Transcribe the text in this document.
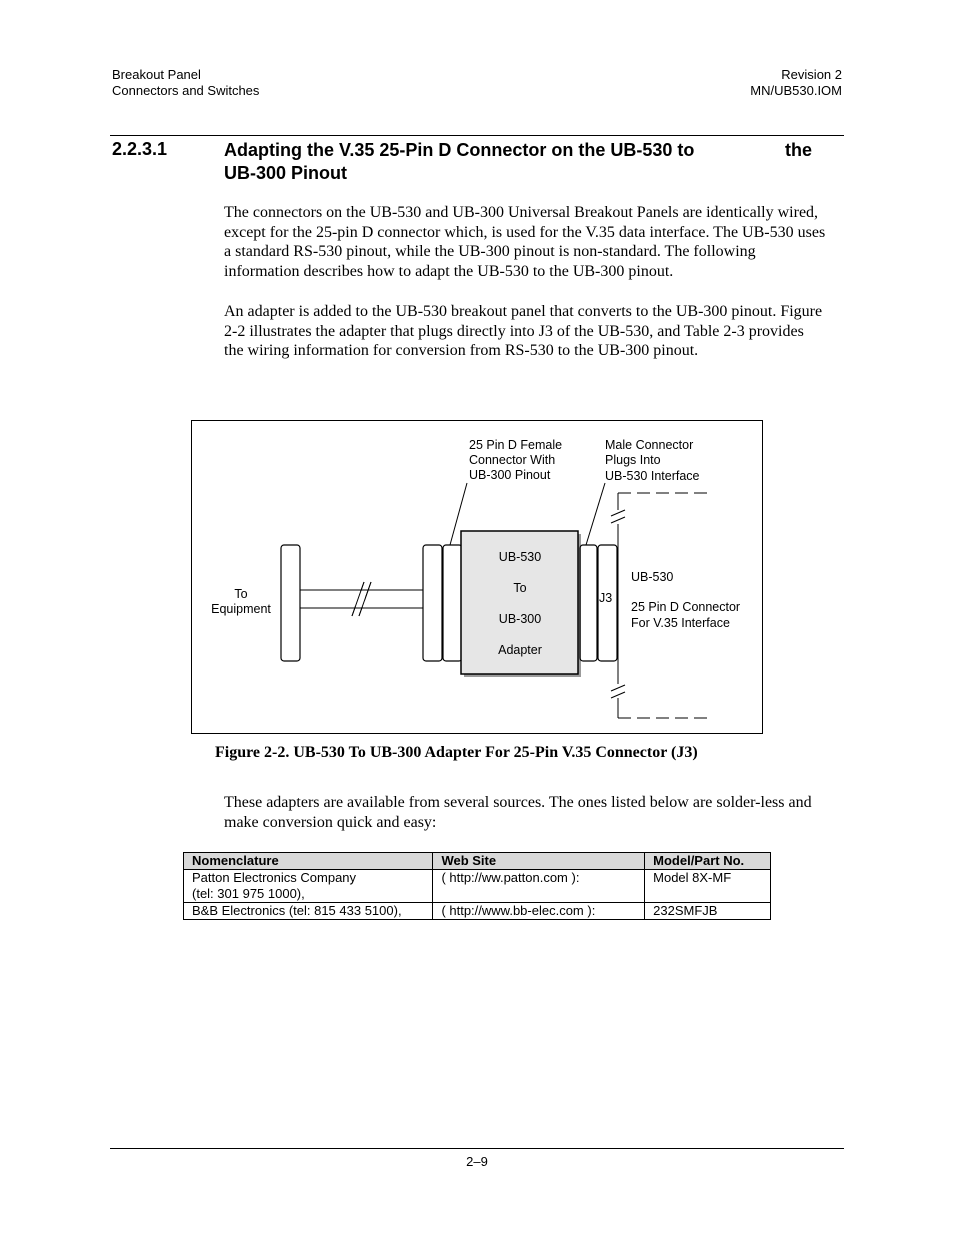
Breakout Panel
Connectors and Switches
Revision 2
MN/UB530.IOM
2.2.3.1	Adapting the V.35 25-Pin D Connector on the UB-530 to	the
UB-300 Pinout
The connectors on the UB-530 and UB-300 Universal Breakout Panels are identically wired, except for the 25-pin D connector which, is used for the V.35 data interface. The UB-530 uses a standard RS-530 pinout, while the UB-300 pinout is non-standard. The following information describes how to adapt the UB-530 to the UB-300 pinout.
An adapter is added to the UB-530 breakout panel that converts to the UB-300 pinout. Figure 2-2 illustrates the adapter that plugs directly into J3 of the UB-530, and Table 2-3 provides the wiring information for conversion from RS-530 to the UB-300 pinout.
To
Equipment
25 Pin D Female
Connector With
UB-300 Pinout
Male Connector
Plugs Into
UB-530 Interface
UB-530
To
UB-300
Adapter
J3
UB-530
25 Pin D Connector
For V.35 Interface
Figure 2-2. UB-530 To UB-300 Adapter For 25-Pin V.35 Connector (J3)
These adapters are available from several sources. The ones listed below are solder-less and make conversion quick and easy:
Nomenclature	Web Site	Model/Part No.

Patton Electronics Company
(tel: 301 975 1000),	( http://ww.patton.com ):	Model 8X-MF
B&B Electronics (tel: 815 433 5100),	( http://www.bb-elec.com ):	232SMFJB
2–9
